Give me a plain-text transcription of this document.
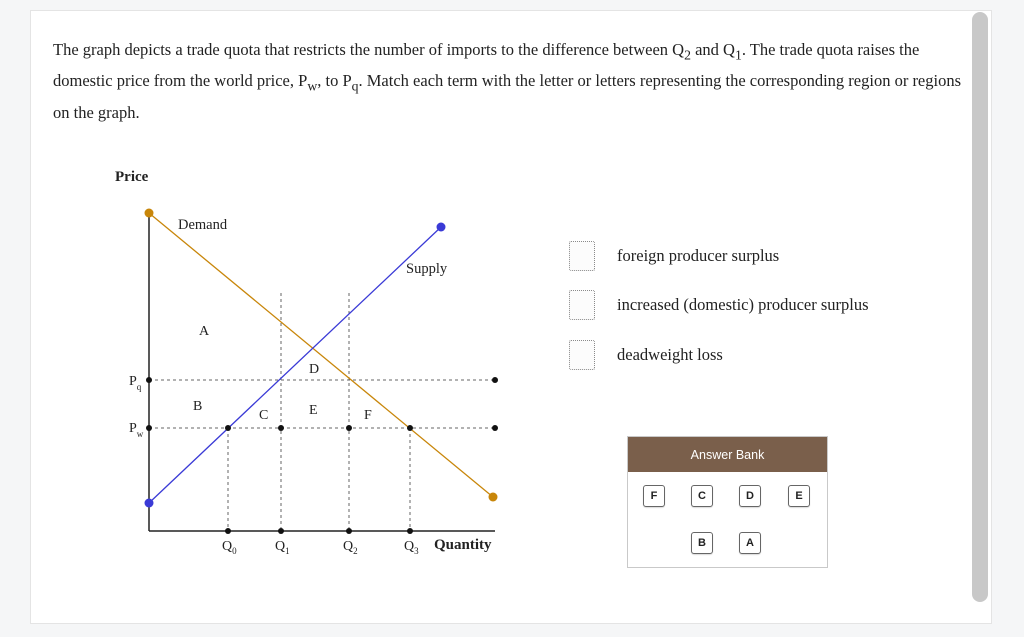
The graph depicts a trade quota that restricts the number of imports to the difference between $Q_2$ and $Q_1$. The trade quota raises the domestic price from the world price, $P_w$, to $P_q$. Match each term with the letter or letters representing the corresponding region or regions on the graph.
Price
Demand
Supply
A
B
C
D
E	F
$P_q$
$P_w$
$Q_0$	$Q_1$	$Q_2$	$Q_3$ Quantity
foreign producer surplus
increased (domestic) producer surplus
deadweight loss
Answer Bank
F	C	D	E
B	A
